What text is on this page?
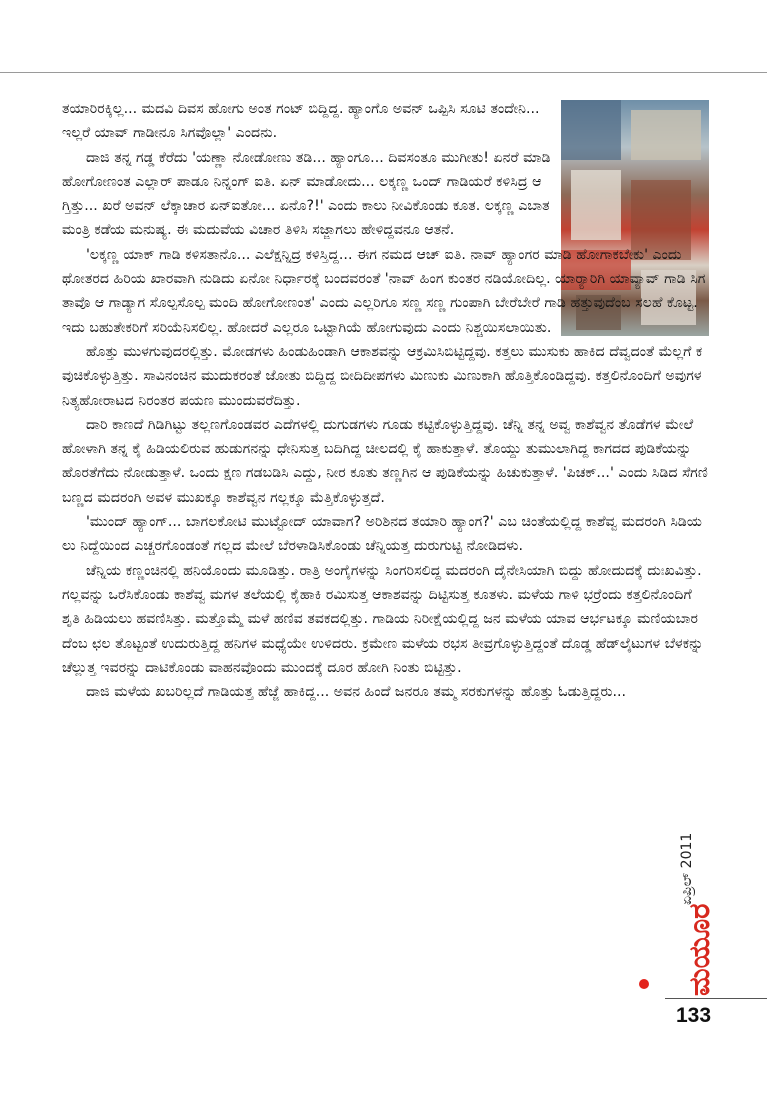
ತಯಾರಿರಕ್ಕಿಲ್ಲ... ಮದವಿ ದಿವಸ ಹೋಗು ಅಂತ ಗಂಟ್ ಬಿದ್ದಿದ್ದ. ಹ್ಯಾಂಗೊ ಅವನ್ ಒಪ್ಪಿಸಿ ಸೂಟಿ ತಂದೇನಿ... ಇಲ್ಲರೆ ಯಾವ್ ಗಾಡೀನೂ ಸಿಗವೊಲ್ಲಾ' ಎಂದನು.

ದಾಜಿ ತನ್ನ ಗಡ್ಡ ಕೆರೆದು 'ಯಣ್ಣಾ ನೋಡೋಣು ತಡಿ... ಹ್ಯಾಂಗೂ... ದಿವಸಂತೂ ಮುಗೀತು! ಏನರೆ ಮಾಡಿ ಹೋಗೋಣಂತ ಎಲ್ಲಾರ್ ಪಾಡೂ ನಿನ್ನಂಗ್ ಐತಿ. ಏನ್ ಮಾಡೋದು... ಲಕ್ಕಣ್ಣ ಒಂದ್ ಗಾಡಿಯರೆ ಕಳಿಸಿದ್ರ ಆಗ್ತಿತ್ತು... ಖರೆ ಅವನ್ ಲೆಕ್ಕಾಚಾರ ಏನ್ಐತೋ... ಏನೊ?!' ಎಂದು ಕಾಲು ನೀವಿಕೊಂಡು ಕೂತ. ಲಕ್ಕಣ್ಣ ಎಬಾತ ಮಂತ್ರಿ ಕಡೆಯ ಮನುಷ್ಯ. ಈ ಮದುವೆಯ ವಿಚಾರ ತಿಳಿಸಿ ಸಜ್ಜಾಗಲು ಹೇಳಿದ್ದವನೂ ಆತನೆ.

'ಲಕ್ಕಣ್ಣ ಯಾಕ್ ಗಾಡಿ ಕಳಿಸತಾನೊ... ಎಲೆಕ್ಷನ್ನಿದ್ರ ಕಳಿಸ್ತಿದ್ದ... ಈಗ ನಮದ ಆಚ್ ಐತಿ. ನಾವ್ ಹ್ಯಾಂಗರ ಮಾಡಿ ಹೋಗಾಕಬೇಕು' ಎಂದು ಥೋತರದ ಹಿರಿಯ ಖಾರವಾಗಿ ನುಡಿದು ಏನೋ ನಿರ್ಧಾರಕ್ಕೆ ಬಂದವರಂತೆ 'ನಾವ್ ಹಿಂಗ ಕುಂತರ ನಡಿಯೋದಿಲ್ಲ. ಯಾರ್‍ಯಾರಿಗಿ ಯಾವ್ಯಾವ್ ಗಾಡಿ ಸಿಗತಾವೊ ಆ ಗಾಡ್ಯಾಗ ಸೊಲ್ಪಸೊಲ್ಪ ಮಂದಿ ಹೋಗೋಣಂತ' ಎಂದು ಎಲ್ಲರಿಗೂ ಸಣ್ಣ ಸಣ್ಣ ಗುಂಪಾಗಿ ಬೇರೆಬೇರೆ ಗಾಡಿ ಹತ್ತುವುದೆಂಬ ಸಲಹೆ ಕೊಟ್ಟ. ಇದು ಬಹುತೇಕರಿಗೆ ಸರಿಯೆನಿಸಲಿಲ್ಲ. ಹೋದರೆ ಎಲ್ಲರೂ ಒಟ್ಟಾಗಿಯೆ ಹೋಗುವುದು ಎಂದು ನಿಶ್ಚಯಿಸಲಾಯಿತು.

ಹೊತ್ತು ಮುಳಗುವುದರಲ್ಲಿತ್ತು. ಮೋಡಗಳು ಹಿಂಡುಹಿಂಡಾಗಿ ಆಕಾಶವನ್ನು ಆಕ್ರಮಿಸಿಬಿಟ್ಟಿದ್ದವು. ಕತ್ತಲು ಮುಸುಕು ಹಾಕಿದ ದೆವ್ವದಂತೆ ಮೆಲ್ಲಗೆ ಕವುಚಿಕೊಳ್ಳುತ್ತಿತ್ತು. ಸಾವಿನಂಚಿನ ಮುದುಕರಂತೆ ಜೋತು ಬಿದ್ದಿದ್ದ ಬೀದಿದೀಪಗಳು ಮಿಣುಕು ಮಿಣುಕಾಗಿ ಹೊತ್ತಿಕೊಂಡಿದ್ದವು. ಕತ್ತಲಿನೊಂದಿಗೆ ಅವುಗಳ ನಿತ್ಯಹೋರಾಟದ ನಿರಂತರ ಪಯಣ ಮುಂದುವರೆದಿತ್ತು.

ದಾರಿ ಕಾಣದೆ ಗಿಡಿಗಿಟ್ಟು ತಲ್ಲಣಗೊಂಡವರ ಎದೆಗಳಲ್ಲಿ ದುಗುಡಗಳು ಗೂಡು ಕಟ್ಟಿಕೊಳ್ಳುತ್ತಿದ್ದವು. ಚೆನ್ನಿ ತನ್ನ ಅವ್ವ ಕಾಶೆವ್ವನ ತೊಡೆಗಳ ಮೇಲೆ ಹೋಳಾಗಿ ತನ್ನ ಕೈ ಹಿಡಿಯಲಿರುವ ಹುಡುಗನನ್ನು ಧೇನಿಸುತ್ತ ಬದಿಗಿದ್ದ ಚೀಲದಲ್ಲಿ ಕೈ ಹಾಕುತ್ತಾಳೆ. ತೊಯ್ದು ತುಮುಲಾಗಿದ್ದ ಕಾಗದದ ಪುಡಿಕೆಯನ್ನು ಹೊರತೆಗೆದು ನೋಡುತ್ತಾಳೆ. ಒಂದು ಕ್ಷಣ ಗಡಬಡಿಸಿ ಎದ್ದು, ನೀರ ಕೂತು ತಣ್ಣಗಿನ ಆ ಪುಡಿಕೆಯನ್ನು ಹಿಚುಕುತ್ತಾಳೆ. 'ಪಿಚಕ್...' ಎಂದು ಸಿಡಿದ ಸೆಗಣಿ ಬಣ್ಣದ ಮದರಂಗಿ ಅವಳ ಮುಖಕ್ಕೂ ಕಾಶೆವ್ವನ ಗಲ್ಲಕ್ಕೂ ಮೆತ್ತಿಕೊಳ್ಳುತ್ತದೆ.

'ಮುಂದ್ ಹ್ಯಾಂಗ್... ಬಾಗಲಕೋಟಿ ಮುಟ್ಟೋದ್ ಯಾವಾಗ? ಅರಿಶಿನದ ತಯಾರಿ ಹ್ಯಾಂಗ?' ಎಬ ಚಿಂತೆಯಲ್ಲಿದ್ದ ಕಾಶೆವ್ವ ಮದರಂಗಿ ಸಿಡಿಯಲು ನಿದ್ದೆಯಿಂದ ಎಚ್ಚರಗೊಂಡಂತೆ ಗಲ್ಲದ ಮೇಲೆ ಬೆರಳಾಡಿಸಿಕೊಂಡು ಚೆನ್ನಿಯತ್ತ ದುರುಗುಟ್ಟಿ ನೋಡಿದಳು.

ಚೆನ್ನಿಯ ಕಣ್ಣಂಚಿನಲ್ಲಿ ಹನಿಯೊಂದು ಮೂಡಿತ್ತು. ರಾತ್ರಿ ಅಂಗೈಗಳನ್ನು ಸಿಂಗರಿಸಲಿದ್ದ ಮದರಂಗಿ ದೈನೇಸಿಯಾಗಿ ಬಿದ್ದು ಹೋದುದಕ್ಕೆ ದುಃಖವಿತ್ತು. ಗಲ್ಲವನ್ನು ಒರೆಸಿಕೊಂಡು ಕಾಶೆವ್ವ ಮಗಳ ತಲೆಯಲ್ಲಿ ಕೈಹಾಕಿ ರಮಿಸುತ್ತ ಆಕಾಶವನ್ನು ದಿಟ್ಟಿಸುತ್ತ ಕೂತಳು. ಮಳೆಯ ಗಾಳಿ ಭರ್‍ರೆಂದು ಕತ್ತಲಿನೊಂದಿಗೆ ಶೃತಿ ಹಿಡಿಯಲು ಹವಣಿಸಿತ್ತು. ಮತ್ತೊಮ್ಮೆ ಮಳೆ ಹಣಿವ ತವಕದಲ್ಲಿತ್ತು. ಗಾಡಿಯ ನಿರೀಕ್ಷೆಯಲ್ಲಿದ್ದ ಜನ ಮಳೆಯ ಯಾವ ಆರ್ಭಟಕ್ಕೂ ಮಣಿಯಬಾರದೆಂಬ ಛಲ ತೊಟ್ಟಂತೆ ಉದುರುತ್ತಿದ್ದ ಹನಿಗಳ ಮಧ್ಯೆಯೇ ಉಳಿದರು. ಕ್ರಮೇಣ ಮಳೆಯ ರಭಸ ತೀವ್ರಗೊಳ್ಳುತ್ತಿದ್ದಂತೆ ದೊಡ್ಡ ಹೆಡ್‌ಲೈಟುಗಳ ಬೆಳಕನ್ನು ಚೆಲ್ಲುತ್ತ ಇವರನ್ನು ದಾಟಿಕೊಂಡು ವಾಹನವೊಂದು ಮುಂದಕ್ಕೆ ದೂರ ಹೋಗಿ ನಿಂತು ಬಿಟ್ಟಿತ್ತು.

ದಾಜಿ ಮಳೆಯ ಖಬರಿಲ್ಲದೆ ಗಾಡಿಯತ್ತ ಹೆಜ್ಜೆ ಹಾಕಿದ್ದ... ಅವನ ಹಿಂದೆ ಜನರೂ ತಮ್ಮ ಸರಕುಗಳನ್ನು ಹೊತ್ತು ಓಡುತ್ತಿದ್ದರು...

ಏಪ್ರಿಲ್ 2011
ಮಯೂರ
133
